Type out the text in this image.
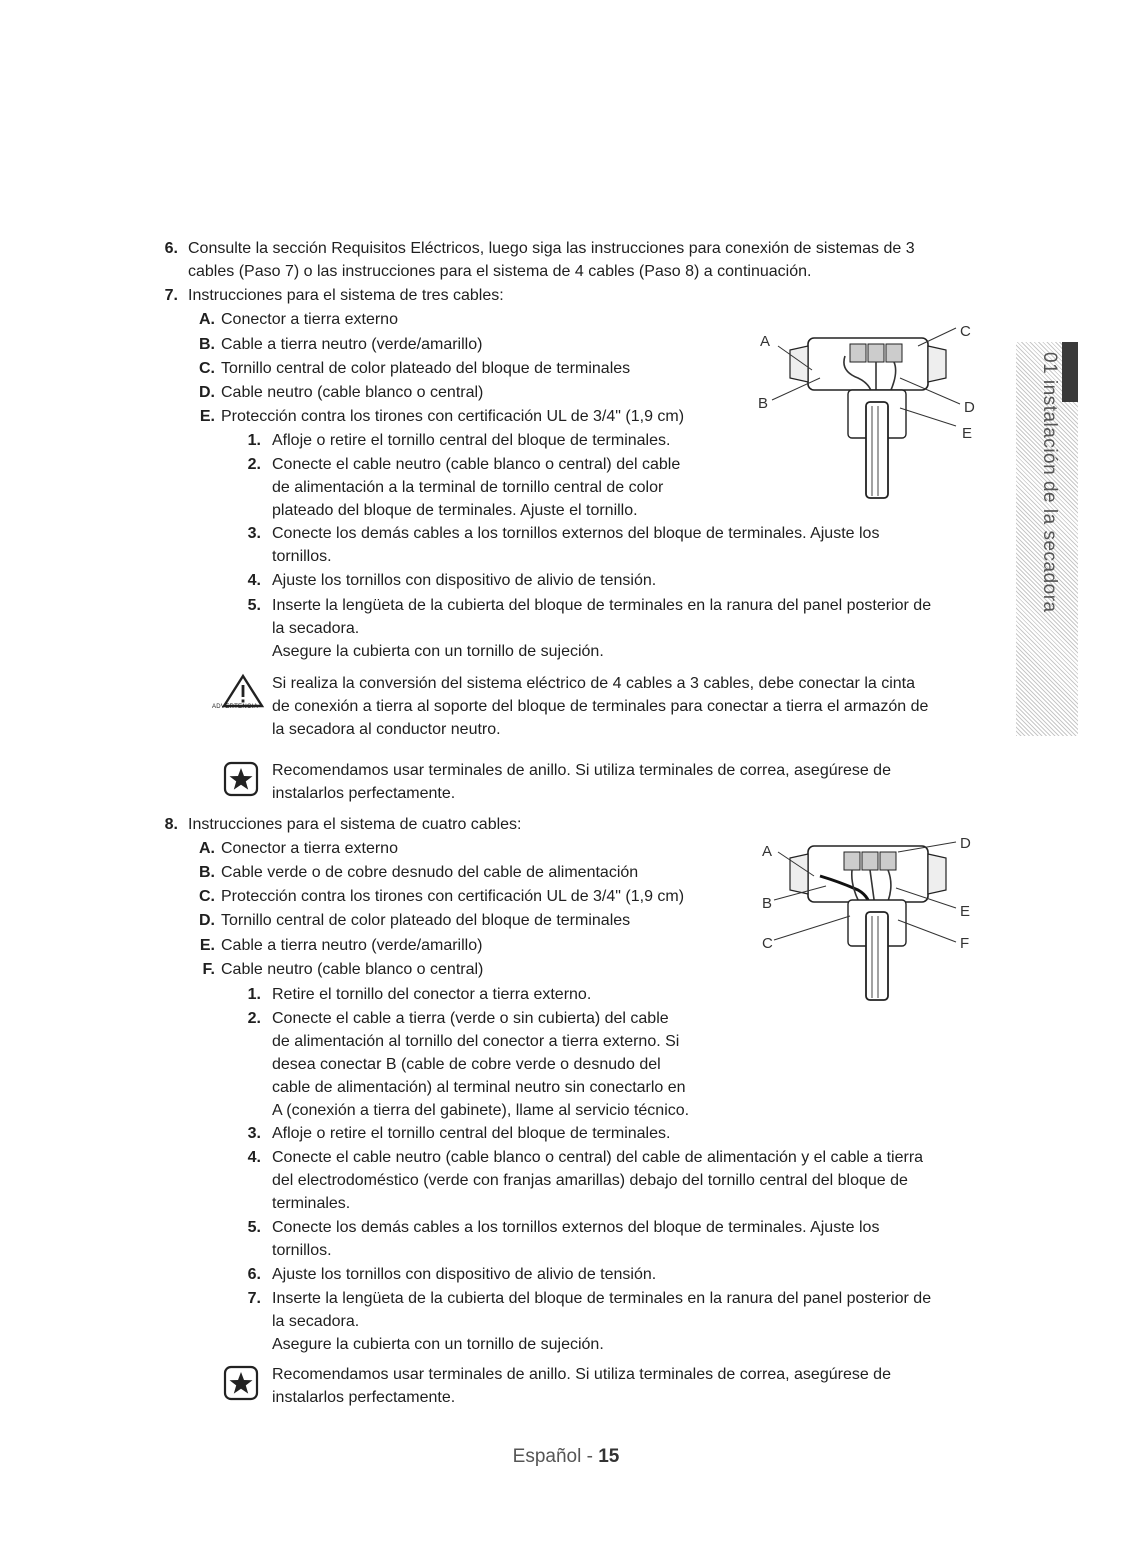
6. Consulte la sección Requisitos Eléctricos, luego siga las instrucciones para conexión de sistemas de 3
cables (Paso 7) o las instrucciones para el sistema de 4 cables (Paso 8) a continuación.
7. Instrucciones para el sistema de tres cables:
A. Conector a tierra externo
B. Cable a tierra neutro (verde/amarillo)
C. Tornillo central de color plateado del bloque de terminales
D. Cable neutro (cable blanco o central)
E. Protección contra los tirones con certificación UL de 3/4" (1,9 cm)
1. Afloje o retire el tornillo central del bloque de terminales.
2. Conecte el cable neutro (cable blanco o central) del cable
de alimentación a la terminal de tornillo central de color
plateado del bloque de terminales. Ajuste el tornillo.
3. Conecte los demás cables a los tornillos externos del bloque de terminales. Ajuste los
tornillos.
4. Ajuste los tornillos con dispositivo de alivio de tensión.
5. Inserte la lengüeta de la cubierta del bloque de terminales en la ranura del panel posterior de
la secadora.
Asegure la cubierta con un tornillo de sujeción.
ADVERTENCIA
Si realiza la conversión del sistema eléctrico de 4 cables a 3 cables, debe conectar la cinta
de conexión a tierra al soporte del bloque de terminales para conectar a tierra el armazón de
la secadora al conductor neutro.
Recomendamos usar terminales de anillo. Si utiliza terminales de correa, asegúrese de
instalarlos perfectamente.
8. Instrucciones para el sistema de cuatro cables:
A. Conector a tierra externo
B. Cable verde o de cobre desnudo del cable de alimentación
C. Protección contra los tirones con certificación UL de 3/4" (1,9 cm)
D. Tornillo central de color plateado del bloque de terminales
E. Cable a tierra neutro (verde/amarillo)
F. Cable neutro (cable blanco o central)
1. Retire el tornillo del conector a tierra externo.
2. Conecte el cable a tierra (verde o sin cubierta) del cable
de alimentación al tornillo del conector a tierra externo. Si
desea conectar B (cable de cobre verde o desnudo del
cable de alimentación) al terminal neutro sin conectarlo en
A (conexión a tierra del gabinete), llame al servicio técnico.
3. Afloje o retire el tornillo central del bloque de terminales.
4. Conecte el cable neutro (cable blanco o central) del cable de alimentación y el cable a tierra
del electrodoméstico (verde con franjas amarillas) debajo del tornillo central del bloque de
terminales.
5. Conecte los demás cables a los tornillos externos del bloque de terminales. Ajuste los
tornillos.
6. Ajuste los tornillos con dispositivo de alivio de tensión.
7. Inserte la lengüeta de la cubierta del bloque de terminales en la ranura del panel posterior de
la secadora.
Asegure la cubierta con un tornillo de sujeción.
Recomendamos usar terminales de anillo. Si utiliza terminales de correa, asegúrese de
instalarlos perfectamente.
A
B
C
D
E
A
B
C
D
E
F
01 instalación de la secadora
Español - 15
